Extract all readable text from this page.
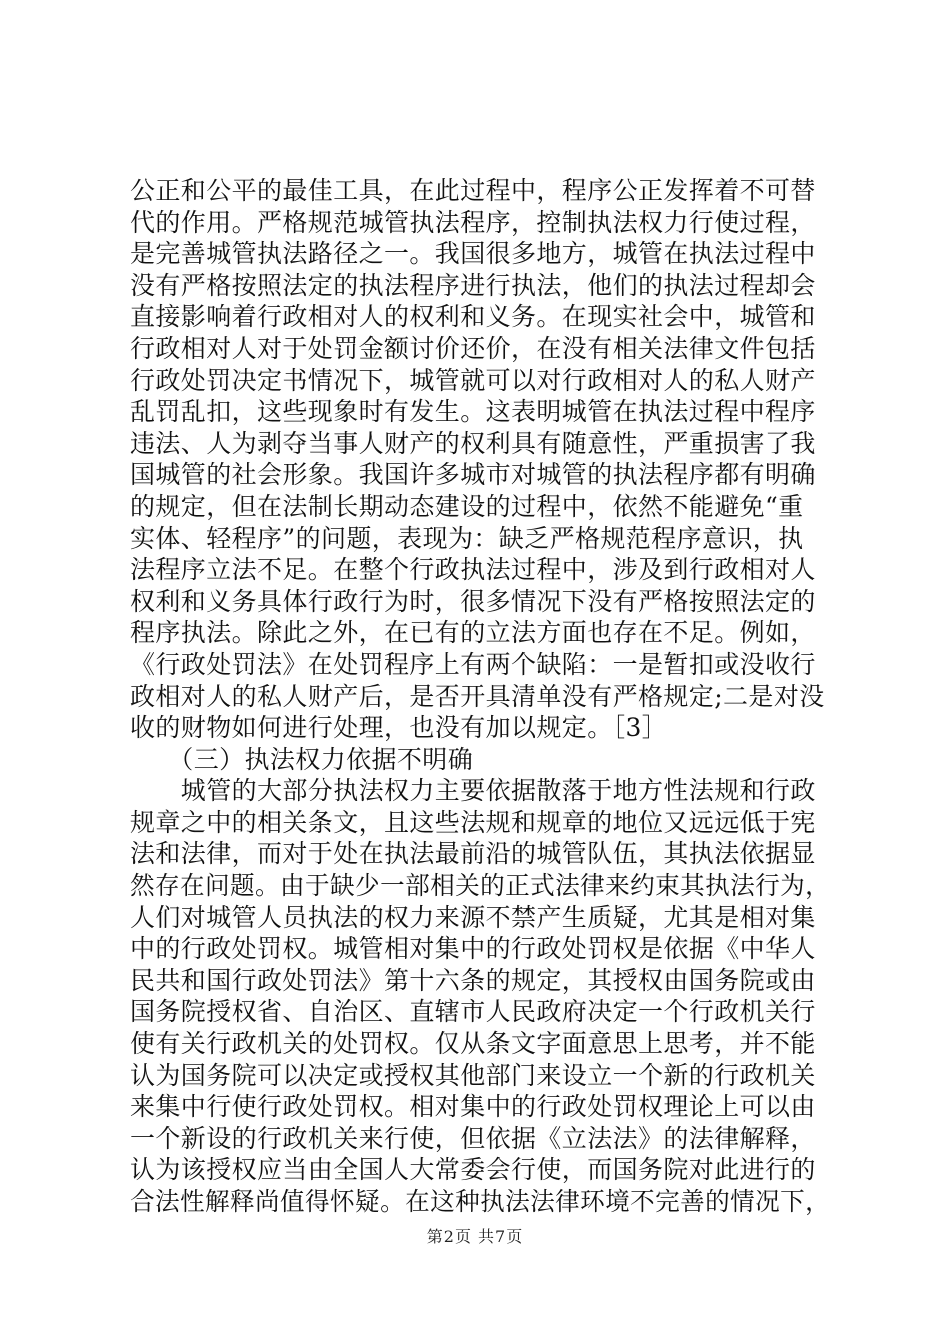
公正和公平的最佳工具，在此过程中，程序公正发挥着不可替
代的作用。严格规范城管执法程序，控制执法权力行使过程，
是完善城管执法路径之一。我国很多地方，城管在执法过程中
没有严格按照法定的执法程序进行执法，他们的执法过程却会
直接影响着行政相对人的权利和义务。在现实社会中，城管和
行政相对人对于处罚金额讨价还价，在没有相关法律文件包括
行政处罚决定书情况下，城管就可以对行政相对人的私人财产
乱罚乱扣，这些现象时有发生。这表明城管在执法过程中程序
违法、人为剥夺当事人财产的权利具有随意性，严重损害了我
国城管的社会形象。我国许多城市对城管的执法程序都有明确
的规定，但在法制长期动态建设的过程中，依然不能避免“重
实体、轻程序”的问题，表现为：缺乏严格规范程序意识，执
法程序立法不足。在整个行政执法过程中，涉及到行政相对人
权利和义务具体行政行为时，很多情况下没有严格按照法定的
程序执法。除此之外，在已有的立法方面也存在不足。例如，
《行政处罚法》在处罚程序上有两个缺陷：一是暂扣或没收行
政相对人的私人财产后，是否开具清单没有严格规定;二是对没
收的财物如何进行处理，也没有加以规定。［3］
　　（三）执法权力依据不明确
　　城管的大部分执法权力主要依据散落于地方性法规和行政
规章之中的相关条文，且这些法规和规章的地位又远远低于宪
法和法律，而对于处在执法最前沿的城管队伍，其执法依据显
然存在问题。由于缺少一部相关的正式法律来约束其执法行为，
人们对城管人员执法的权力来源不禁产生质疑，尤其是相对集
中的行政处罚权。城管相对集中的行政处罚权是依据《中华人
民共和国行政处罚法》第十六条的规定，其授权由国务院或由
国务院授权省、自治区、直辖市人民政府决定一个行政机关行
使有关行政机关的处罚权。仅从条文字面意思上思考，并不能
认为国务院可以决定或授权其他部门来设立一个新的行政机关
来集中行使行政处罚权。相对集中的行政处罚权理论上可以由
一个新设的行政机关来行使，但依据《立法法》的法律解释，
认为该授权应当由全国人大常委会行使，而国务院对此进行的
合法性解释尚值得怀疑。在这种执法法律环境不完善的情况下，
第2页 共7页
